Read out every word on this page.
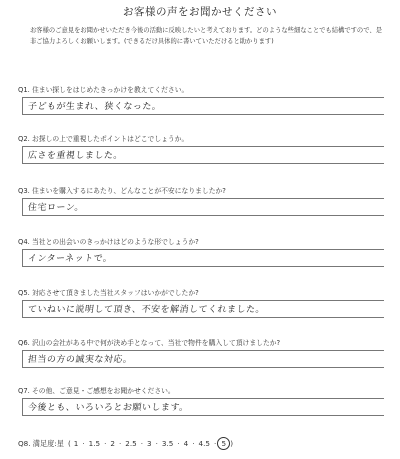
お客様の声をお聞かせください
お客様のご意見をお聞かせいただき今後の活動に反映したいと考えております。どのような些細なことでも結構ですので、是非ご協力よろしくお願いします。(できるだけ具体的に書いていただけると助かります)
Q1. 住まい探しをはじめたきっかけを教えてください。
子どもが生まれ、狭くなった。
Q2. お探しの上で重視したポイントはどこでしょうか。
広さを重視しました。
Q3. 住まいを購入するにあたり、どんなことが不安になりましたか?
住宅ローン。
Q4. 当社との出会いのきっかけはどのような形でしょうか?
インターネットで。
Q5. 対応させて頂きました当社スタッフはいかがでしたか?
ていねいに説明して頂き、不安を解消してくれました。
Q6. 沢山の会社がある中で何が決め手となって、当社で物件を購入して頂けましたか?
担当の方の誠実な対応。
Q7. その他、ご意見・ご感想をお聞かせください。
今後とも、いろいろとお願いします。
Q8. 満足度:星 ( 1 · 1.5 · 2 · 2.5 · 3 · 3.5 · 4 · 4.5 · 5 )
